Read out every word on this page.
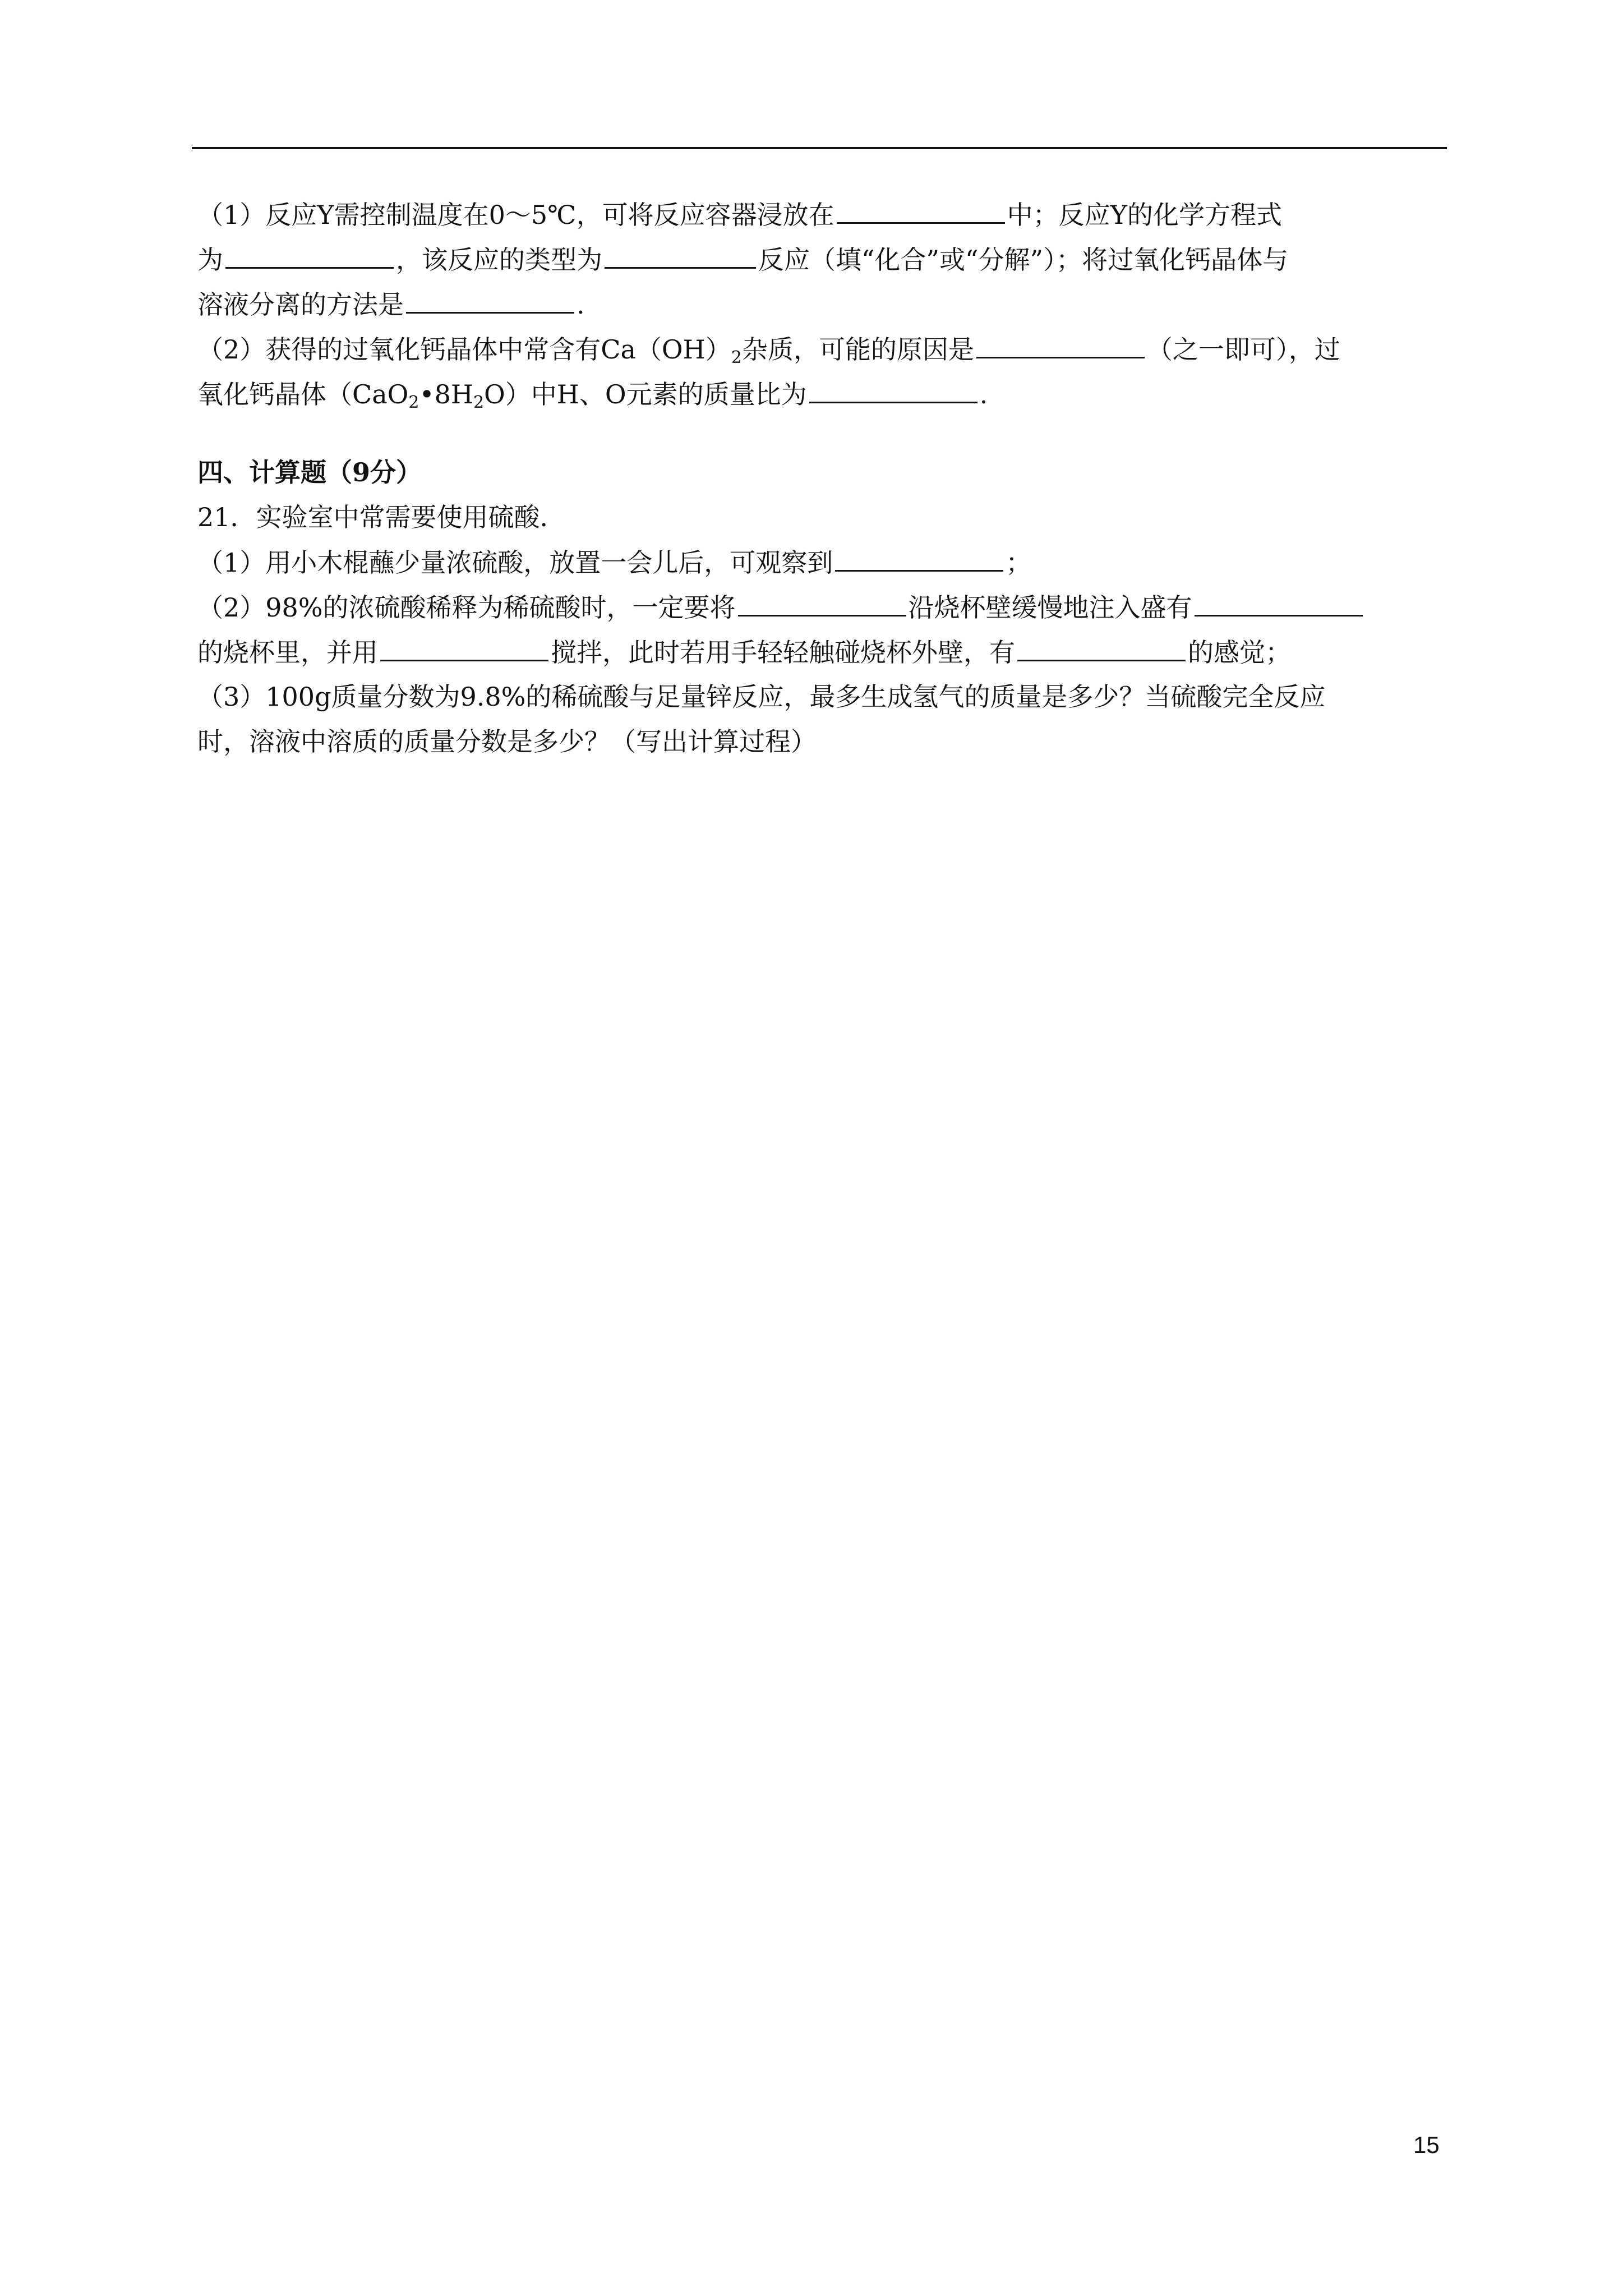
（1）反应Y需控制温度在0～5℃，可将反应容器浸放在	中；反应Y的化学方程式
为	，该反应的类型为	反应（填“化合”或“分解”）；将过氧化钙晶体与
溶液分离的方法是	.
（2）获得的过氧化钙晶体中常含有$Ca(OH)_2$杂质，可能的原因是	（之一即可），过
氧化钙晶体$(CaO_2•8H_2O)$中H、O元素的质量比为	.
四、计算题（9分）
21．实验室中常需要使用硫酸．
（1）用小木棍蘸少量浓硫酸，放置一会儿后，可观察到	；
（2）98%的浓硫酸稀释为稀硫酸时，一定要将	沿烧杯壁缓慢地注入盛有
的烧杯里，并用	搅拌，此时若用手轻轻触碰烧杯外壁，有	的感觉；
（3）100g质量分数为9.8%的稀硫酸与足量锌反应，最多生成氢气的质量是多少？当硫酸完全反应
时，溶液中溶质的质量分数是多少？（写出计算过程）
15
